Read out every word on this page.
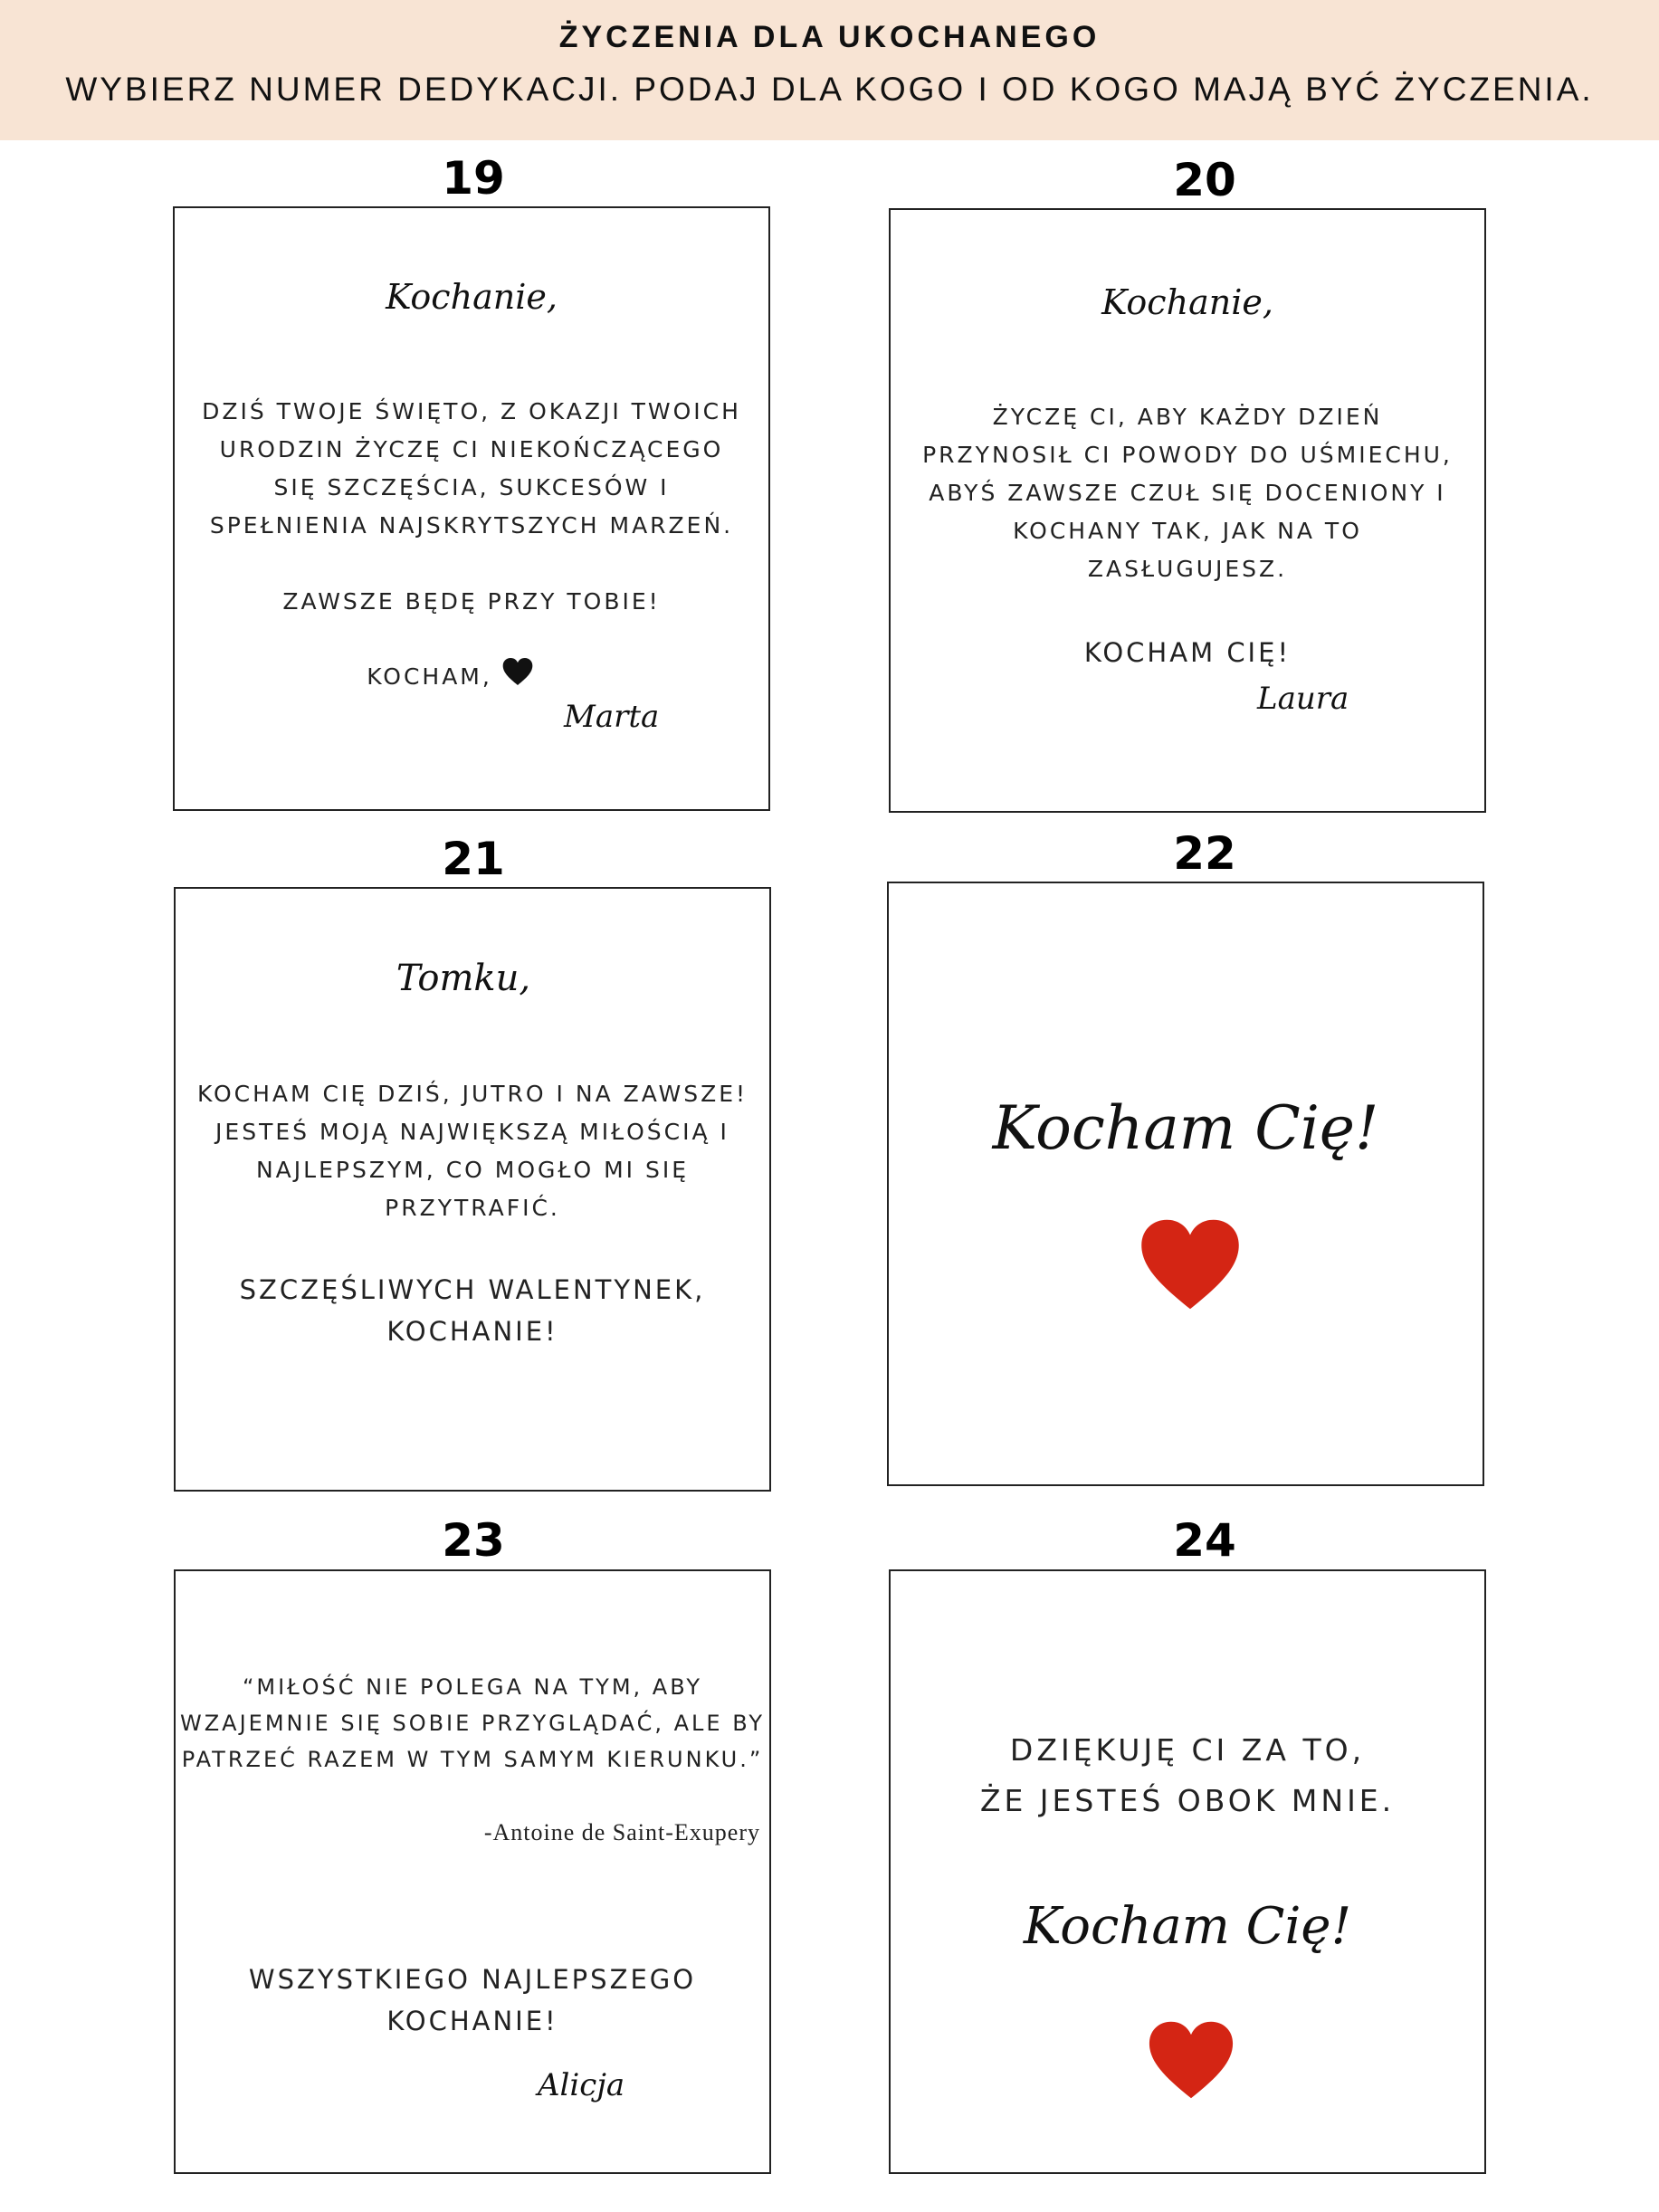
ŻYCZENIA DLA UKOCHANEGO
WYBIERZ NUMER DEDYKACJI. PODAJ DLA KOGO I OD KOGO MAJĄ BYĆ ŻYCZENIA.
19
Kochanie,
DZIŚ TWOJE ŚWIĘTO, Z OKAZJI TWOICH
URODZIN ŻYCZĘ CI NIEKOŃCZĄCEGO
SIĘ SZCZĘŚCIA, SUKCESÓW I
SPEŁNIENIA NAJSKRYTSZYCH MARZEŃ.
ZAWSZE BĘDĘ PRZY TOBIE!
KOCHAM,
Marta
20
Kochanie,
ŻYCZĘ CI, ABY KAŻDY DZIEŃ
PRZYNOSIŁ CI POWODY DO UŚMIECHU,
ABYŚ ZAWSZE CZUŁ SIĘ DOCENIONY I
KOCHANY TAK, JAK NA TO
ZASŁUGUJESZ.
KOCHAM CIĘ!
Laura
21
Tomku,
KOCHAM CIĘ DZIŚ, JUTRO I NA ZAWSZE!
JESTEŚ MOJĄ NAJWIĘKSZĄ MIŁOŚCIĄ I
NAJLEPSZYM, CO MOGŁO MI SIĘ
PRZYTRAFIĆ.
SZCZĘŚLIWYCH WALENTYNEK,
KOCHANIE!
22
Kocham Cię!
23
“MIŁOŚĆ NIE POLEGA NA TYM, ABY
WZAJEMNIE SIĘ SOBIE PRZYGLĄDAĆ, ALE BY
PATRZEĆ RAZEM W TYM SAMYM KIERUNKU.”
-Antoine de Saint-Exupery
WSZYSTKIEGO NAJLEPSZEGO
KOCHANIE!
Alicja
24
DZIĘKUJĘ CI ZA TO,
ŻE JESTEŚ OBOK MNIE.
Kocham Cię!
